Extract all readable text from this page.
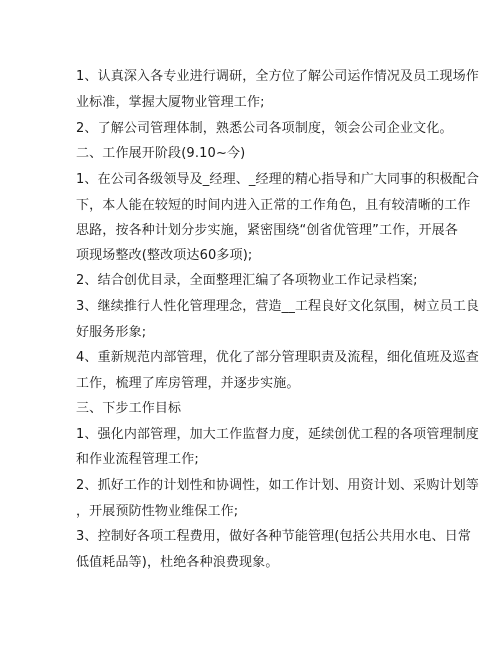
1、认真深入各专业进行调研，全方位了解公司运作情况及员工现场作
业标准，掌握大厦物业管理工作;
2、了解公司管理体制，熟悉公司各项制度，领会公司企业文化。
二、工作展开阶段(9.10~今)
1、在公司各级领导及_经理、_经理的精心指导和广大同事的积极配合
下，本人能在较短的时间内进入正常的工作角色，且有较清晰的工作
思路，按各种计划分步实施，紧密围绕“创省优管理”工作，开展各
项现场整改(整改项达60多项);
2、结合创优目录，全面整理汇编了各项物业工作记录档案;
3、继续推行人性化管理理念，营造__工程良好文化氛围，树立员工良
好服务形象;
4、重新规范内部管理，优化了部分管理职责及流程，细化值班及巡查
工作，梳理了库房管理，并逐步实施。
三、下步工作目标
1、强化内部管理，加大工作监督力度，延续创优工程的各项管理制度
和作业流程管理工作;
2、抓好工作的计划性和协调性，如工作计划、用资计划、采购计划等
，开展预防性物业维保工作;
3、控制好各项工程费用，做好各种节能管理(包括公共用水电、日常
低值耗品等)，杜绝各种浪费现象。
